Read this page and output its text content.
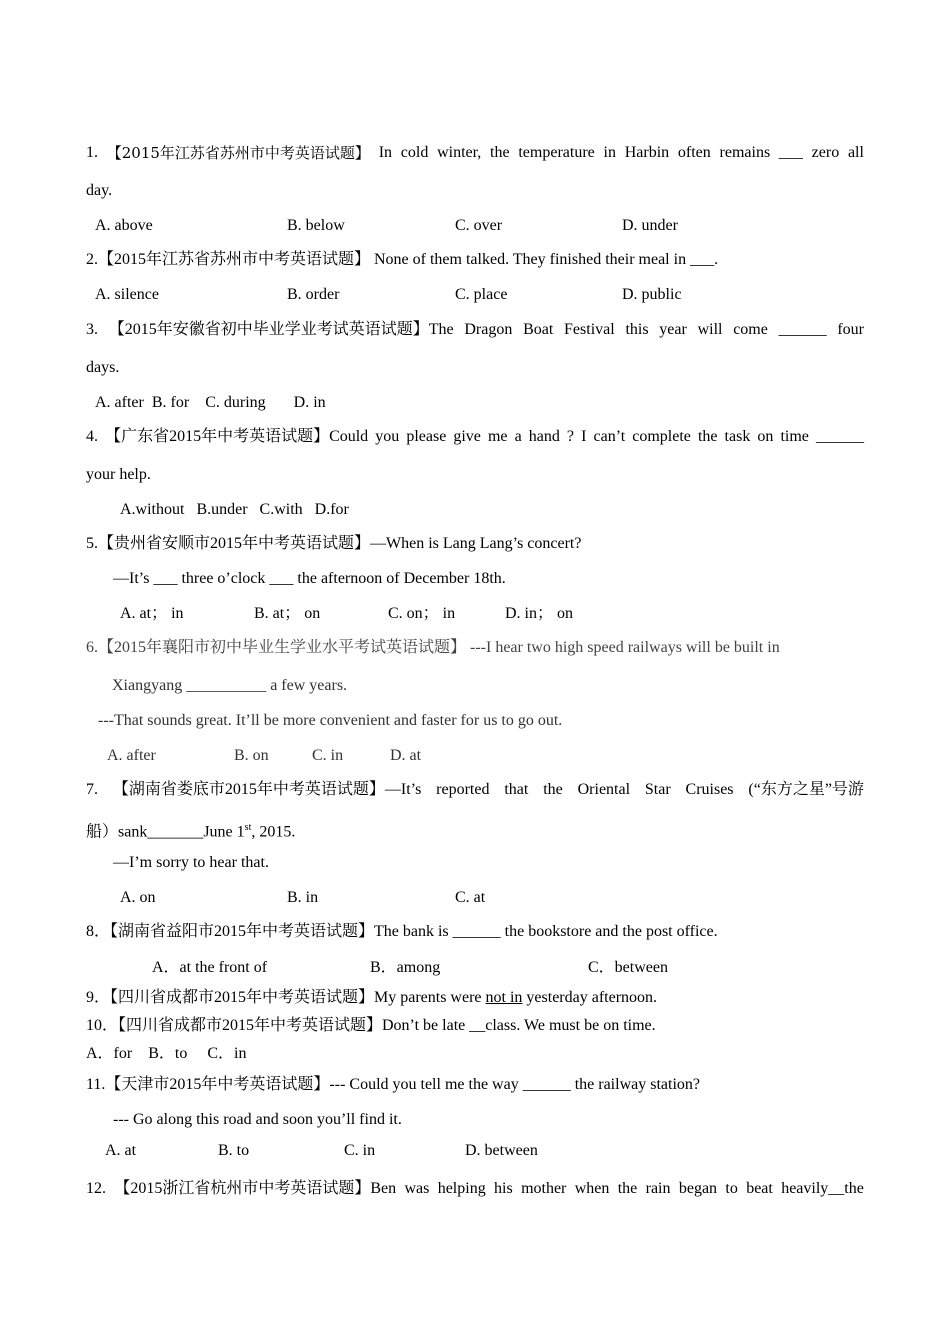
1. 【2015年江苏省苏州市中考英语试题】 In cold winter, the temperature in Harbin often remains ___ zero all
day.
A. above	B. below	C. over	D. under
2.【2015年江苏省苏州市中考英语试题】 None of them talked. They finished their meal in ___.
A. silence	B. order	C. place	D. public
3. 【2015年安徽省初中毕业学业考试英语试题】The Dragon Boat Festival this year will come ______ four
days.
A. after  B. for    C. during       D. in
4. 【广东省2015年中考英语试题】Could you please give me a hand ? I can’t complete the task on time ______
your help.
A.without   B.under   C.with   D.for
5.【贵州省安顺市2015年中考英语试题】—When is Lang Lang’s concert?
—It’s ___ three o’clock ___ the afternoon of December 18th.
A. at； in	B. at； on	C. on； in	D. in； on
6.【2015年襄阳市初中毕业生学业水平考试英语试题】 ---I hear two high speed railways will be built in
Xiangyang __________ a few years.
---That sounds great. It’ll be more convenient and faster for us to go out.
A. after	B. on	C. in	D. at
7. 【湖南省娄底市2015年中考英语试题】—It’s reported that the Oriental Star Cruises (“东方之星”号游
船）sank_______June 1st, 2015.
—I’m sorry to hear that.
A. on	B. in	C. at
8．【湖南省益阳市2015年中考英语试题】The bank is ______ the bookstore and the post office.
A．at the front of	B．among	C．between
9．【四川省成都市2015年中考英语试题】My parents were not in yesterday afternoon.
10．【四川省成都市2015年中考英语试题】Don’t be late __class. We must be on time.
A．for    B．to     C．in
11.【天津市2015年中考英语试题】--- Could you tell me the way ______ the railway station?
--- Go along this road and soon you’ll find it.
A. at	B. to	C. in	D. between
12. 【2015浙江省杭州市中考英语试题】Ben was helping his mother when the rain began to beat heavily__the
